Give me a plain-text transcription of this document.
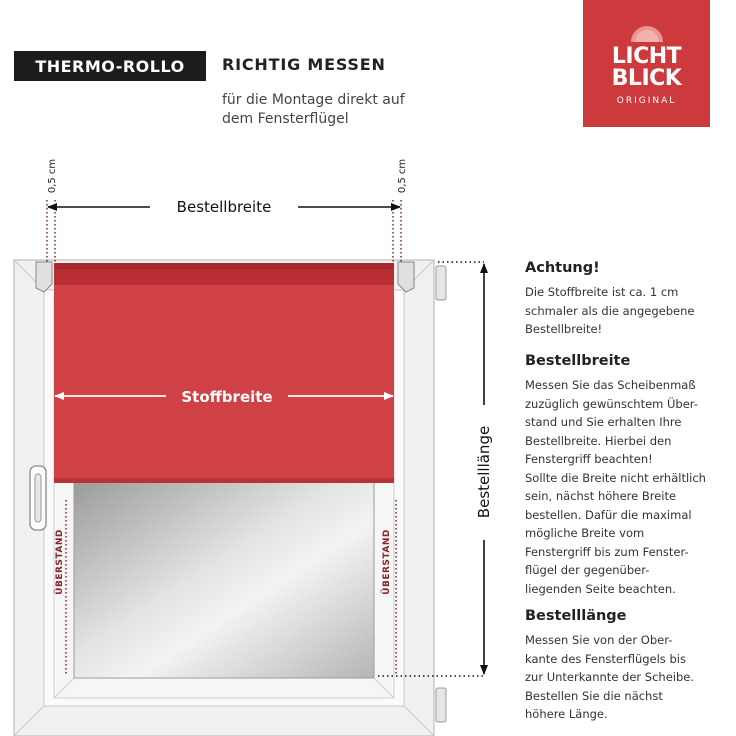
THERMO-ROLLO	RICHTIG MESSEN
für die Montage direkt auf
dem Fensterflügel
LICHT
BLICK
ORIGINAL
Bestellbreite
Stoffbreite
Bestelllänge
0,5 cm	0,5 cm
ÜBERSTAND	ÜBERSTAND
Achtung!
Die Stoffbreite ist ca. 1 cm
schmaler als die angegebene
Bestellbreite!
Bestellbreite
Messen Sie das Scheibenmaß
zuzüglich gewünschtem Über-
stand und Sie erhalten Ihre
Bestellbreite. Hierbei den
Fenstergriff beachten!
Sollte die Breite nicht erhältlich
sein, nächst höhere Breite
bestellen. Dafür die maximal
mögliche Breite vom
Fenstergriff bis zum Fenster-
flügel der gegenüber-
liegenden Seite beachten.
Bestelllänge
Messen Sie von der Ober-
kante des Fensterflügels bis
zur Unterkannte der Scheibe.
Bestellen Sie die nächst
höhere Länge.
